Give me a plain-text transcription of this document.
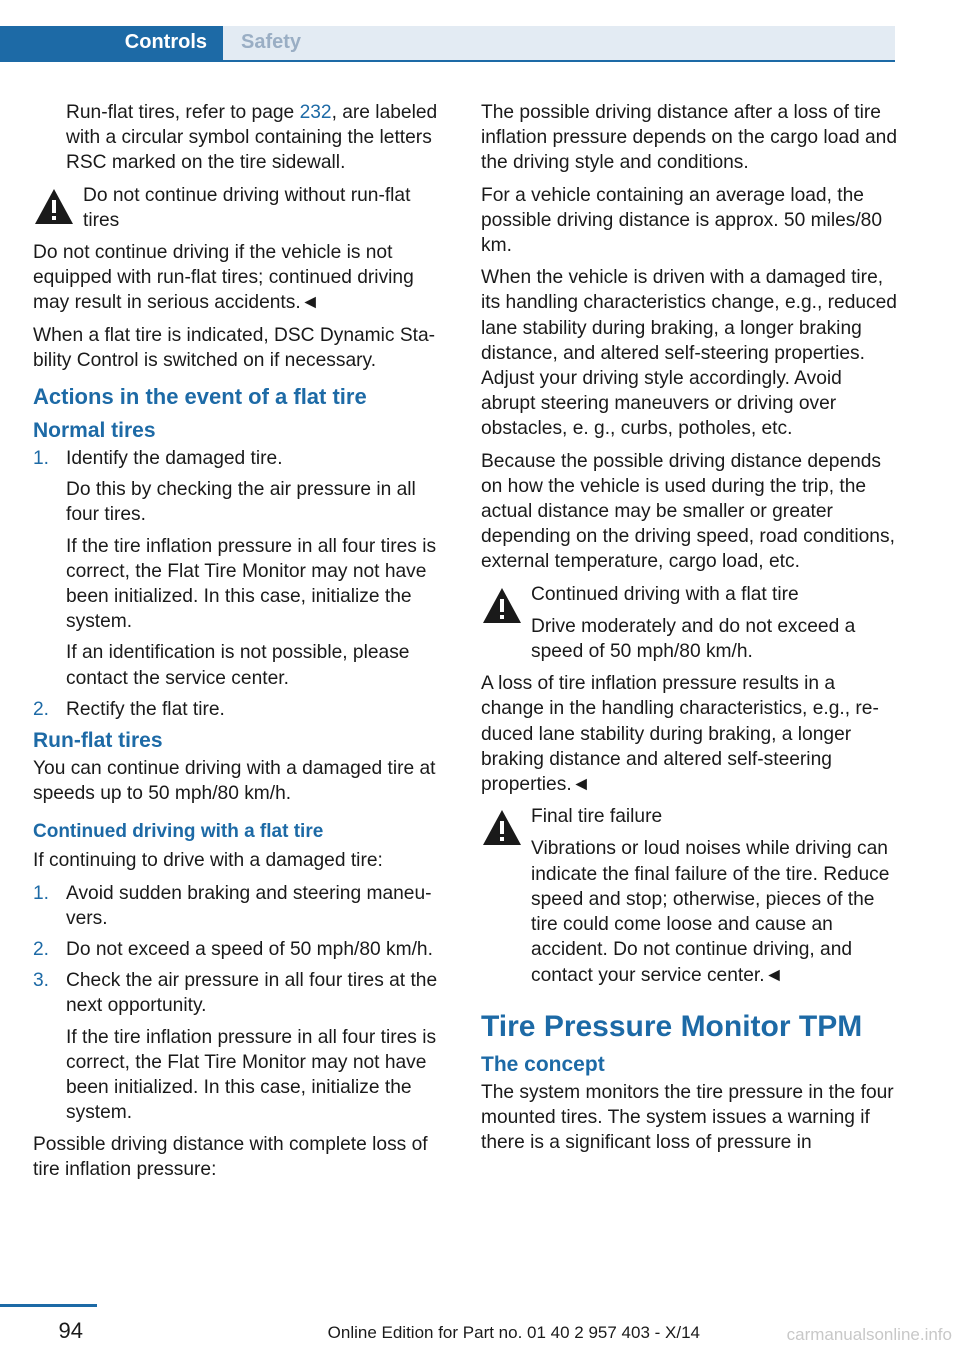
Controls	Safety

Run-flat tires, refer to page 232, are labeled with a circular symbol containing the letters RSC marked on the tire sidewall.

Do not continue driving without run-flat tires

Do not continue driving if the vehicle is not equipped with run-flat tires; continued driving may result in serious accidents.◄

When a flat tire is indicated, DSC Dynamic Stability Control is switched on if necessary.

Actions in the event of a flat tire
Normal tires
1. Identify the damaged tire.

Do this by checking the air pressure in all four tires.

If the tire inflation pressure in all four tires is correct, the Flat Tire Monitor may not have been initialized. In this case, initialize the system.

If an identification is not possible, please contact the service center.

2. Rectify the flat tire.

Run-flat tires

You can continue driving with a damaged tire at speeds up to 50 mph/80 km/h.

Continued driving with a flat tire

If continuing to drive with a damaged tire:

1. Avoid sudden braking and steering maneuvers.

2. Do not exceed a speed of 50 mph/80 km/h.

3. Check the air pressure in all four tires at the next opportunity.

If the tire inflation pressure in all four tires is correct, the Flat Tire Monitor may not have been initialized. In this case, initialize the system.

Possible driving distance with complete loss of tire inflation pressure:

The possible driving distance after a loss of tire inflation pressure depends on the cargo load and the driving style and conditions.

For a vehicle containing an average load, the possible driving distance is approx. 50 miles/80 km.

When the vehicle is driven with a damaged tire, its handling characteristics change, e.g., reduced lane stability during braking, a longer braking distance, and altered self-steering properties. Adjust your driving style accordingly. Avoid abrupt steering maneuvers or driving over obstacles, e. g., curbs, potholes, etc.

Because the possible driving distance depends on how the vehicle is used during the trip, the actual distance may be smaller or greater depending on the driving speed, road conditions, external temperature, cargo load, etc.

Continued driving with a flat tire

Drive moderately and do not exceed a speed of 50 mph/80 km/h.

A loss of tire inflation pressure results in a change in the handling characteristics, e.g., reduced lane stability during braking, a longer braking distance and altered self-steering properties.◄

Final tire failure

Vibrations or loud noises while driving can indicate the final failure of the tire. Reduce speed and stop; otherwise, pieces of the tire could come loose and cause an accident. Do not continue driving, and contact your service center.◄

Tire Pressure Monitor TPM
The concept

The system monitors the tire pressure in the four mounted tires. The system issues a warning if there is a significant loss of pressure in

94	Online Edition for Part no. 01 40 2 957 403 - X/14	carmanualsonline.info
